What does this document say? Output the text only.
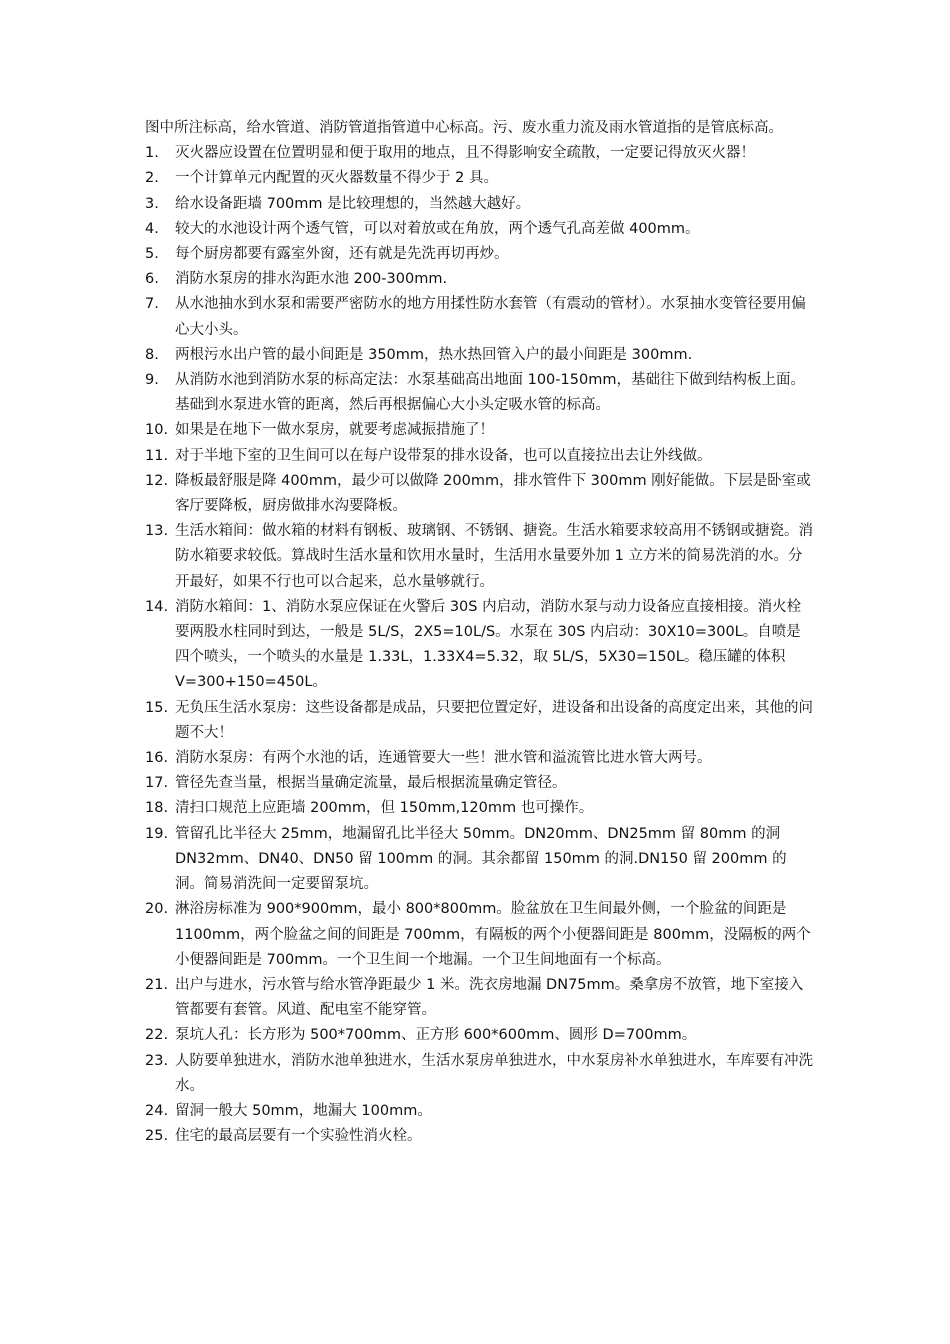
图中所注标高，给水管道、消防管道指管道中心标高。污、废水重力流及雨水管道指的是管底标高。

1.	灭火器应设置在位置明显和便于取用的地点，且不得影响安全疏散，一定要记得放灭火器！
2.	一个计算单元内配置的灭火器数量不得少于 2 具。
3.	给水设备距墙 700mm 是比较理想的，当然越大越好。
4.	较大的水池设计两个透气管，可以对着放或在角放，两个透气孔高差做 400mm。
5.	每个厨房都要有露室外窗，还有就是先洗再切再炒。
6.	消防水泵房的排水沟距水池 200-300mm.
7.	从水池抽水到水泵和需要严密防水的地方用揉性防水套管（有震动的管材）。水泵抽水变管径要用偏心大小头。
8.	两根污水出户管的最小间距是 350mm，热水热回管入户的最小间距是 300mm.
9.	从消防水池到消防水泵的标高定法：水泵基础高出地面 100-150mm，基础往下做到结构板上面。基础到水泵进水管的距离，然后再根据偏心大小头定吸水管的标高。
10. 如果是在地下一做水泵房，就要考虑减振措施了！
11. 对于半地下室的卫生间可以在每户设带泵的排水设备，也可以直接拉出去让外线做。
12. 降板最舒服是降 400mm，最少可以做降 200mm，排水管件下 300mm 刚好能做。下层是卧室或客厅要降板，厨房做排水沟要降板。
13. 生活水箱间：做水箱的材料有钢板、玻璃钢、不锈钢、搪瓷。生活水箱要求较高用不锈钢或搪瓷。消防水箱要求较低。算战时生活水量和饮用水量时，生活用水量要外加 1 立方米的简易洗消的水。分开最好，如果不行也可以合起来，总水量够就行。
14. 消防水箱间：1、消防水泵应保证在火警后 30S 内启动，消防水泵与动力设备应直接相接。消火栓要两股水柱同时到达，一般是 5L/S，2X5=10L/S。水泵在 30S 内启动：30X10=300L。自喷是四个喷头，一个喷头的水量是 1.33L，1.33X4=5.32，取 5L/S，5X30=150L。稳压罐的体积 V=300+150=450L。
15. 无负压生活水泵房：这些设备都是成品，只要把位置定好，进设备和出设备的高度定出来，其他的问题不大！
16. 消防水泵房：有两个水池的话，连通管要大一些！泄水管和溢流管比进水管大两号。
17. 管径先查当量，根据当量确定流量，最后根据流量确定管径。
18. 清扫口规范上应距墙 200mm，但 150mm,120mm 也可操作。
19. 管留孔比半径大 25mm，地漏留孔比半径大 50mm。DN20mm、DN25mm 留 80mm 的洞 DN32mm、DN40、DN50 留 100mm 的洞。其余都留 150mm 的洞.DN150 留 200mm 的洞。简易消洗间一定要留泵坑。
20. 淋浴房标准为 900*900mm，最小 800*800mm。脸盆放在卫生间最外侧，一个脸盆的间距是 1100mm，两个脸盆之间的间距是 700mm，有隔板的两个小便器间距是 800mm，没隔板的两个小便器间距是 700mm。一个卫生间一个地漏。一个卫生间地面有一个标高。
21. 出户与进水，污水管与给水管净距最少 1 米。洗衣房地漏 DN75mm。桑拿房不放管，地下室接入管都要有套管。风道、配电室不能穿管。
22. 泵坑人孔：长方形为 500*700mm、正方形 600*600mm、圆形 D=700mm。
23. 人防要单独进水，消防水池单独进水，生活水泵房单独进水，中水泵房补水单独进水，车库要有冲洗水。
24. 留洞一般大 50mm，地漏大 100mm。
25. 住宅的最高层要有一个实验性消火栓。
